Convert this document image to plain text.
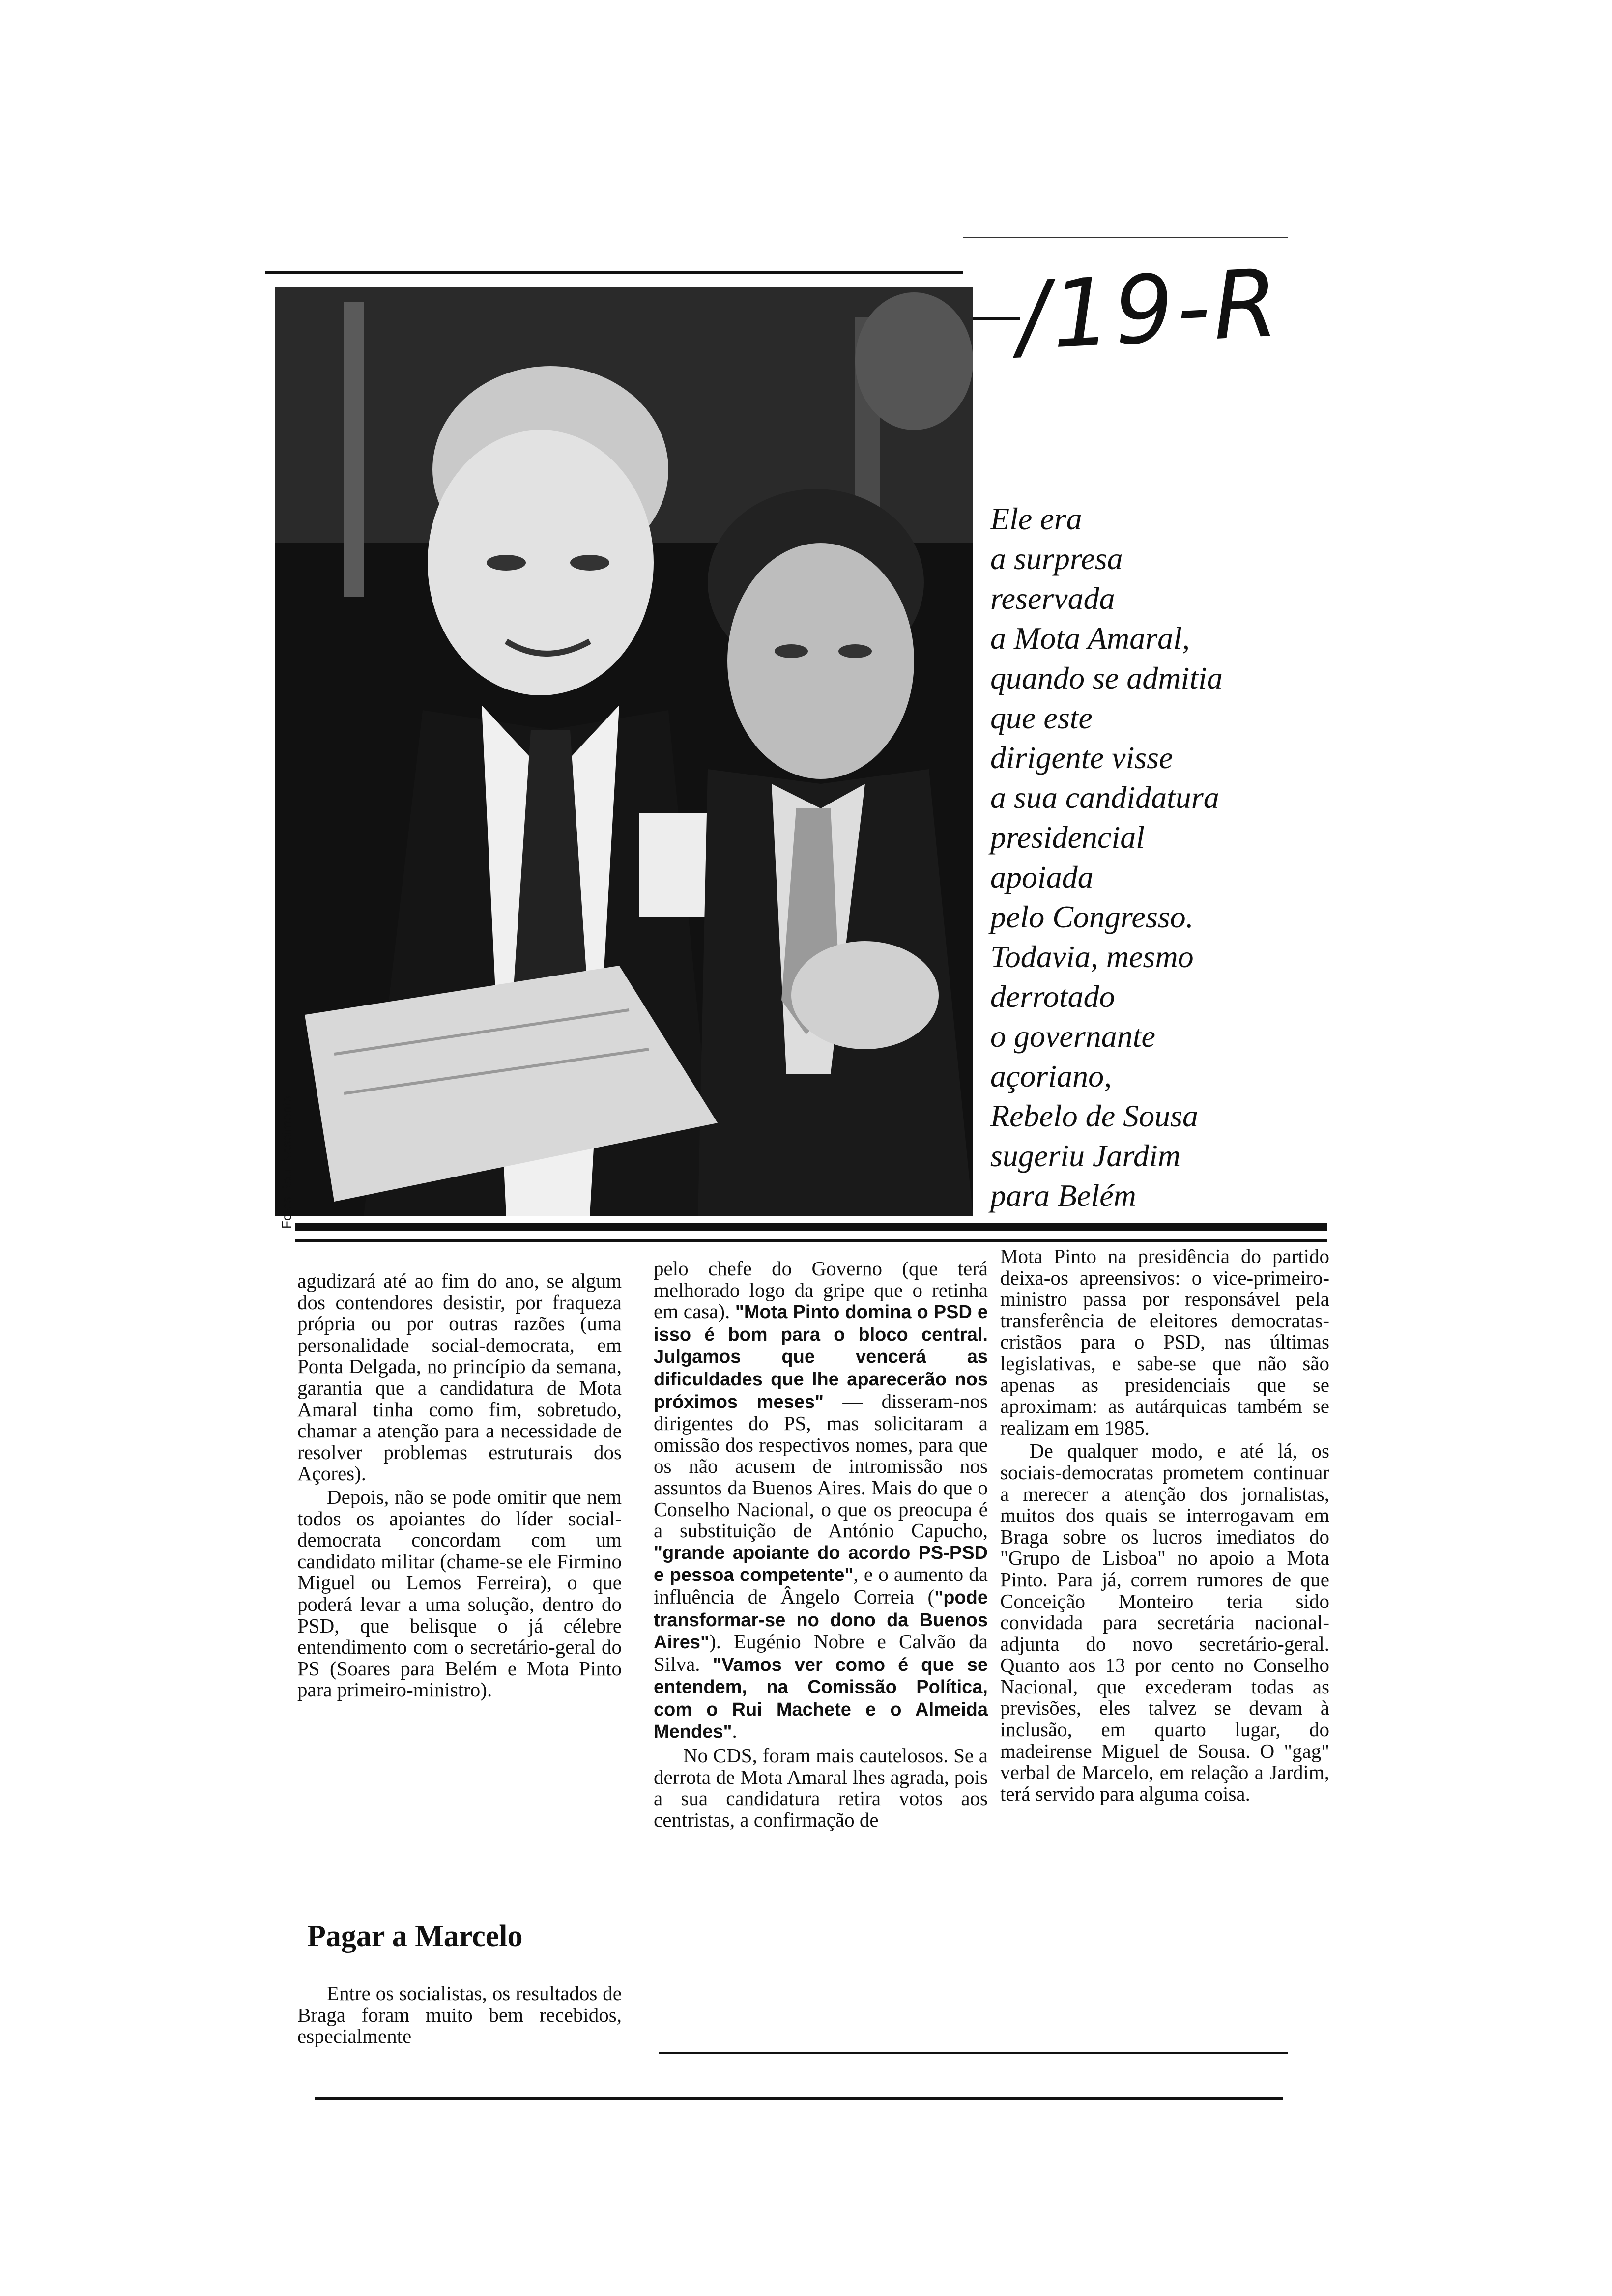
/19-R
Fotos Raul Nascimento
Ele era
a surpresa
reservada
a Mota Amaral,
quando se admitia
que este
dirigente visse
a sua candidatura
presidencial
apoiada
pelo Congresso.
Todavia, mesmo
derrotado
o governante
açoriano,
Rebelo de Sousa
sugeriu Jardim
para Belém

agudizará até ao fim do ano, se algum dos contendores desistir, por fraqueza própria ou por outras razões (uma personalidade social-democrata, em Ponta Delgada, no princípio da semana, garantia que a candidatura de Mota Amaral tinha como fim, sobretudo, chamar a atenção para a necessidade de resolver problemas estruturais dos Açores).

Depois, não se pode omitir que nem todos os apoiantes do líder social-democrata concordam com um candidato militar (chame-se ele Firmino Miguel ou Lemos Ferreira), o que poderá levar a uma solução, dentro do PSD, que belisque o já célebre entendimento com o secretário-geral do PS (Soares para Belém e Mota Pinto para primeiro-ministro).

Pagar a Marcelo

Entre os socialistas, os resultados de Braga foram muito bem recebidos, especialmente

pelo chefe do Governo (que terá melhorado logo da gripe que o retinha em casa). "Mota Pinto domina o PSD e isso é bom para o bloco central. Julgamos que vencerá as dificuldades que lhe aparecerão nos próximos meses" — disseram-nos dirigentes do PS, mas solicitaram a omissão dos respectivos nomes, para que os não acusem de intromissão nos assuntos da Buenos Aires. Mais do que o Conselho Nacional, o que os preocupa é a substituição de António Capucho, "grande apoiante do acordo PS-PSD e pessoa competente", e o aumento da influência de Ângelo Correia ("pode transformar-se no dono da Buenos Aires"). Eugénio Nobre e Calvão da Silva. "Vamos ver como é que se entendem, na Comissão Política, com o Rui Machete e o Almeida Mendes".

No CDS, foram mais cautelosos. Se a derrota de Mota Amaral lhes agrada, pois a sua candidatura retira votos aos centristas, a confirmação de

Mota Pinto na presidência do partido deixa-os apreensivos: o vice-primeiro-ministro passa por responsável pela transferência de eleitores democratas-cristãos para o PSD, nas últimas legislativas, e sabe-se que não são apenas as presidenciais que se aproximam: as autárquicas também se realizam em 1985.

De qualquer modo, e até lá, os sociais-democratas prometem continuar a merecer a atenção dos jornalistas, muitos dos quais se interrogavam em Braga sobre os lucros imediatos do "Grupo de Lisboa" no apoio a Mota Pinto. Para já, correm rumores de que Conceição Monteiro teria sido convidada para secretária nacional-adjunta do novo secretário-geral. Quanto aos 13 por cento no Conselho Nacional, que excederam todas as previsões, eles talvez se devam à inclusão, em quarto lugar, do madeirense Miguel de Sousa. O "gag" verbal de Marcelo, em relação a Jardim, terá servido para alguma coisa.
